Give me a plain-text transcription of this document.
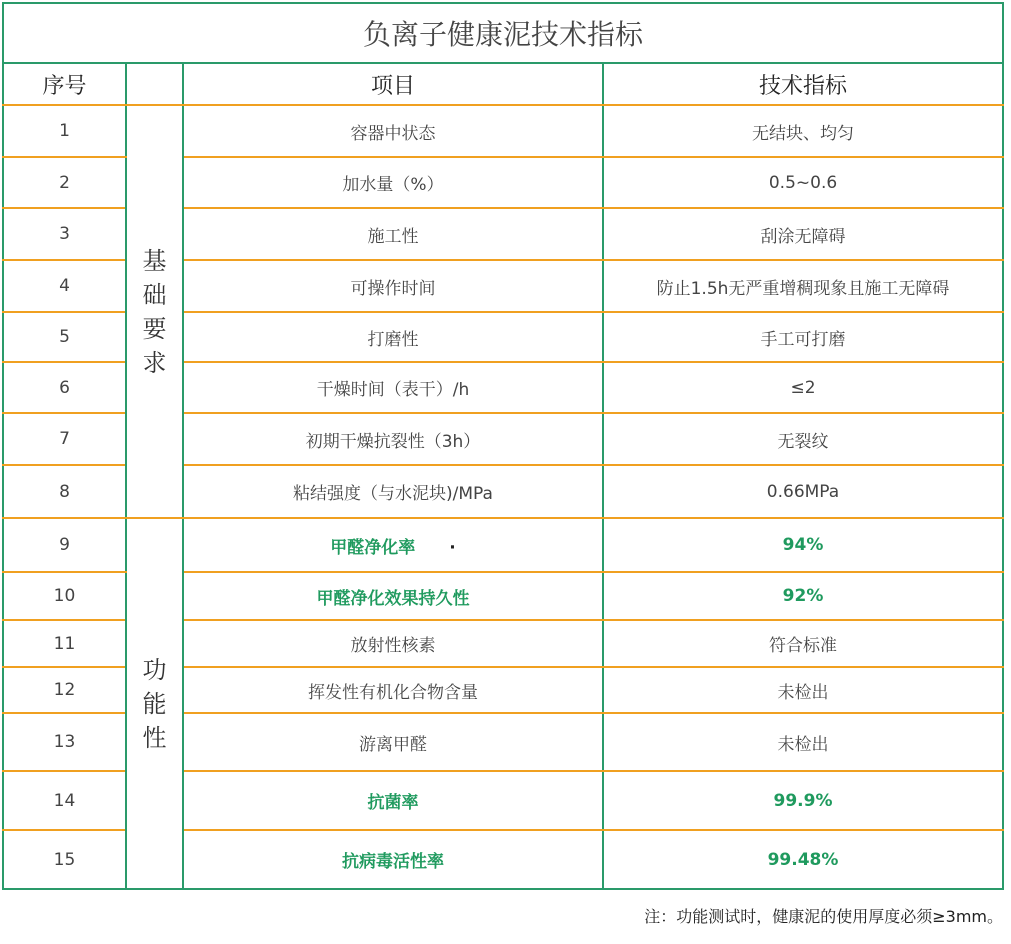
负离子健康泥技术指标			
序号		项目	技术指标
1	基础要求	容器中状态	无结块、均匀
2		加水量（%）	0.5~0.6
3		施工性	刮涂无障碍
4		可操作时间	防止1.5h无严重增稠现象且施工无障碍
5		打磨性	手工可打磨
6		干燥时间（表干）/h	≤2
7		初期干燥抗裂性（3h）	无裂纹
8		粘结强度（与水泥块)/MPa	0.66MPa
9	功能性	甲醛净化率 ·	94%
10		甲醛净化效果持久性	92%
11		放射性核素	符合标准
12		挥发性有机化合物含量	未检出
13		游离甲醛	未检出
14		抗菌率	99.9%
15		抗病毒活性率	99.48%
注：功能测试时，健康泥的使用厚度必须≥3mm。
